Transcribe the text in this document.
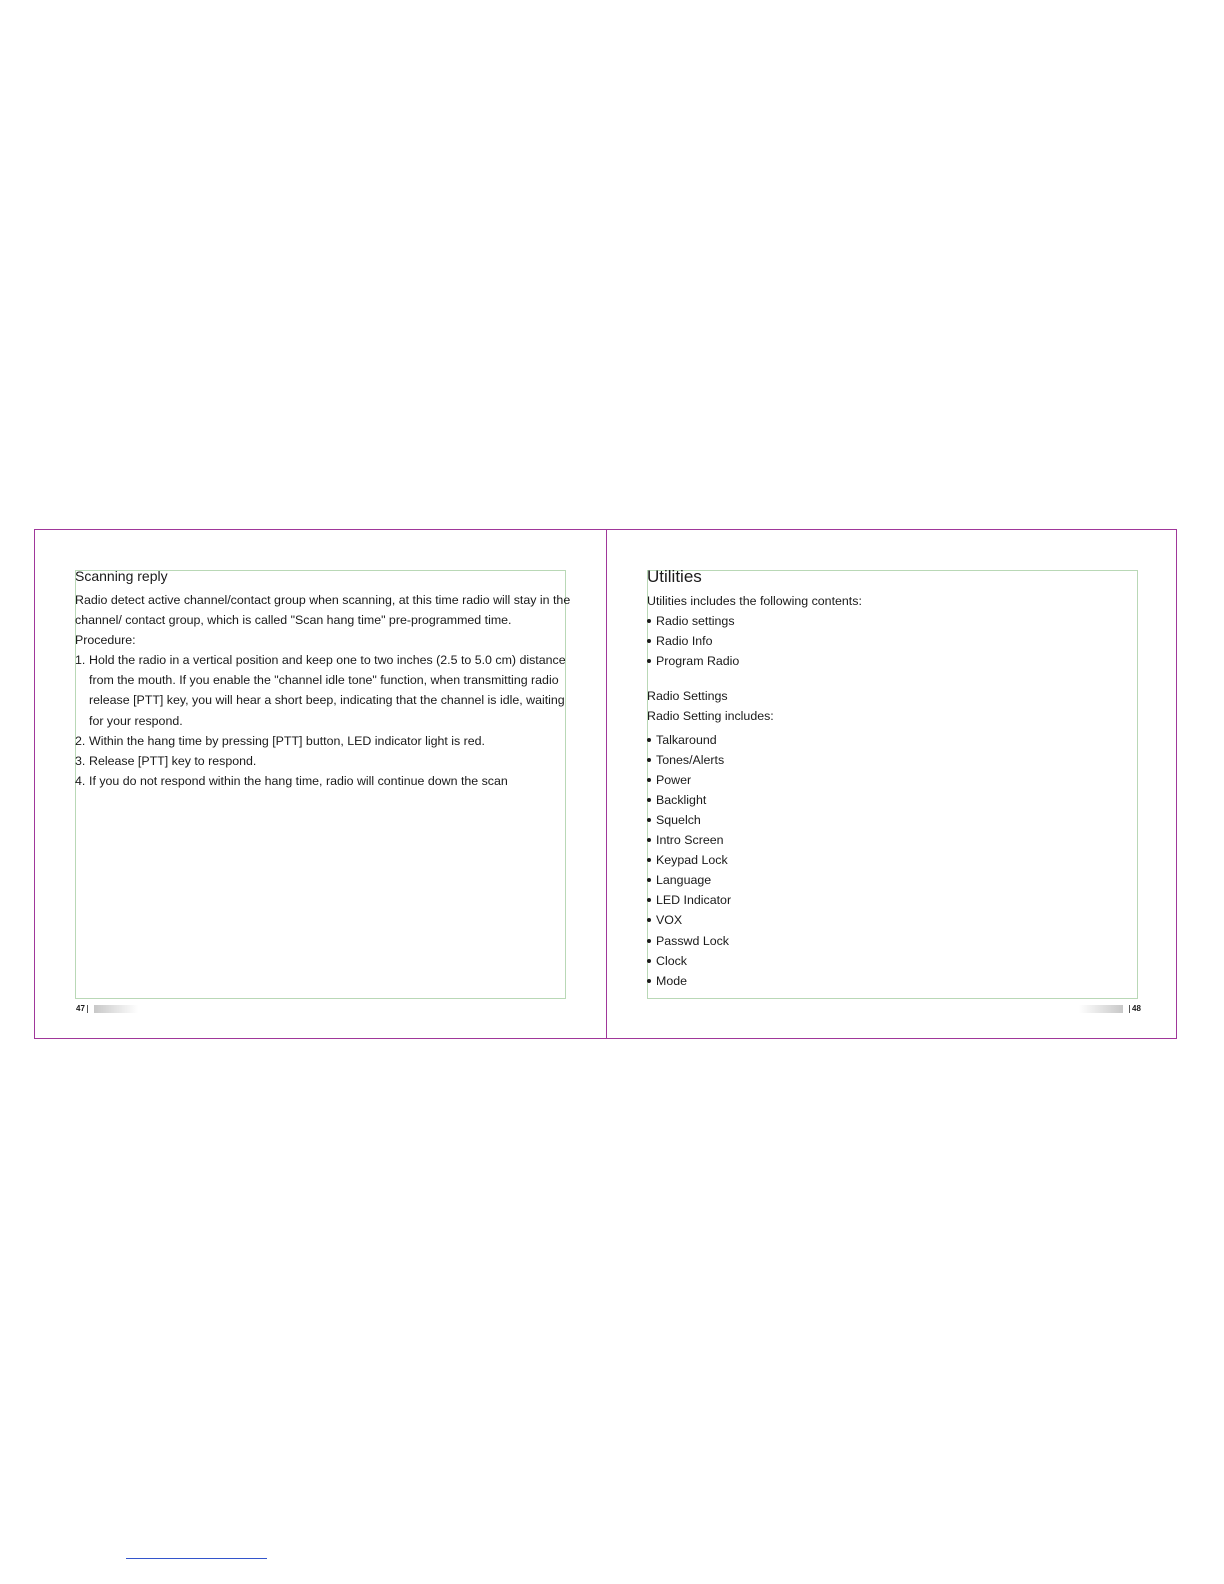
Scanning reply

Radio detect active channel/contact group when scanning, at this time radio will stay in the

channel/ contact group, which is called "Scan hang time" pre-programmed time.

Procedure:

1. Hold the radio in a vertical position and keep one to two inches (2.5 to 5.0 cm) distance
from the mouth. If you enable the "channel idle tone" function, when transmitting radio
release [PTT] key, you will hear a short beep, indicating that the channel is idle, waiting
for your respond.
2. Within the hang time by pressing [PTT] button, LED indicator light is red.
3. Release [PTT] key to respond.
4. If you do not respond within the hang time, radio will continue down the scan
47
Utilities

Utilities includes the following contents:

Radio settings
Radio Info
Program Radio

Radio Settings

Radio Setting includes:

Talkaround
Tones/Alerts
Power
Backlight
Squelch
Intro Screen
Keypad Lock
Language
LED Indicator
VOX
Passwd Lock
Clock
Mode
48
